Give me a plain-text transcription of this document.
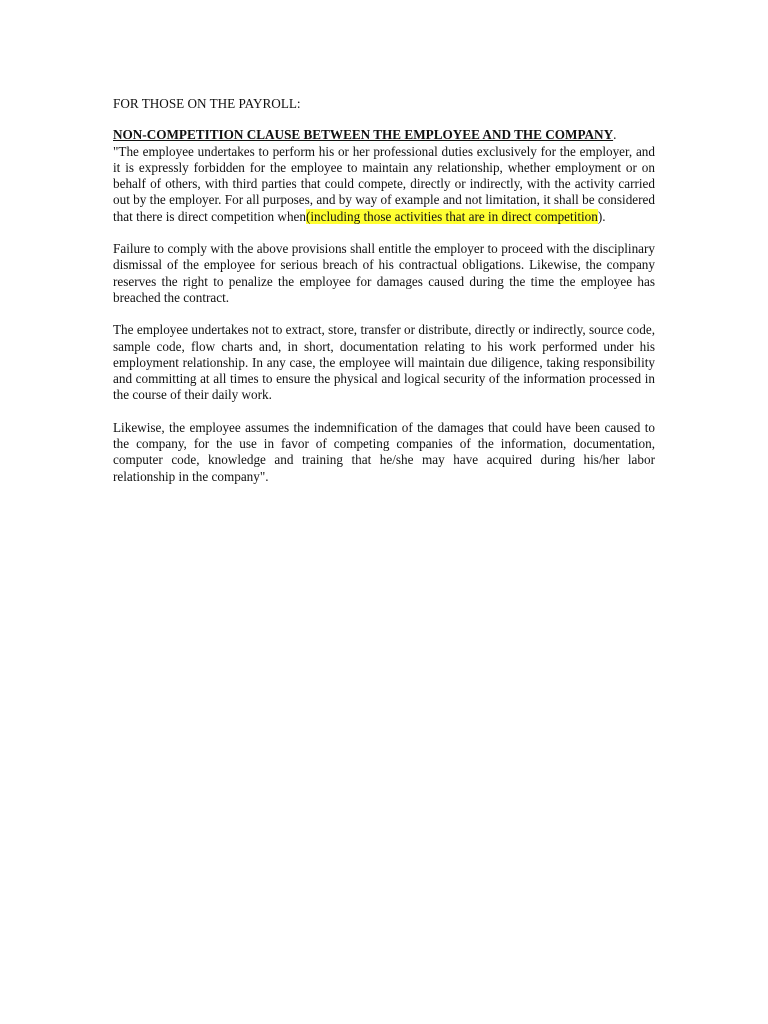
FOR THOSE ON THE PAYROLL:

NON-COMPETITION CLAUSE BETWEEN THE EMPLOYEE AND THE COMPANY.

"The employee undertakes to perform his or her professional duties exclusively for the employer, and it is expressly forbidden for the employee to maintain any relationship, whether employment or on behalf of others, with third parties that could compete, directly or indirectly, with the activity carried out by the employer. For all purposes, and by way of example and not limitation, it shall be considered that there is direct competition when(including those activities that are in direct competition).

Failure to comply with the above provisions shall entitle the employer to proceed with the disciplinary dismissal of the employee for serious breach of his contractual obligations. Likewise, the company reserves the right to penalize the employee for damages caused during the time the employee has breached the contract.

The employee undertakes not to extract, store, transfer or distribute, directly or indirectly, source code, sample code, flow charts and, in short, documentation relating to his work performed under his employment relationship. In any case, the employee will maintain due diligence, taking responsibility and committing at all times to ensure the physical and logical security of the information processed in the course of their daily work.

Likewise, the employee assumes the indemnification of the damages that could have been caused to the company, for the use in favor of competing companies of the information, documentation, computer code, knowledge and training that he/she may have acquired during his/her labor relationship in the company".
